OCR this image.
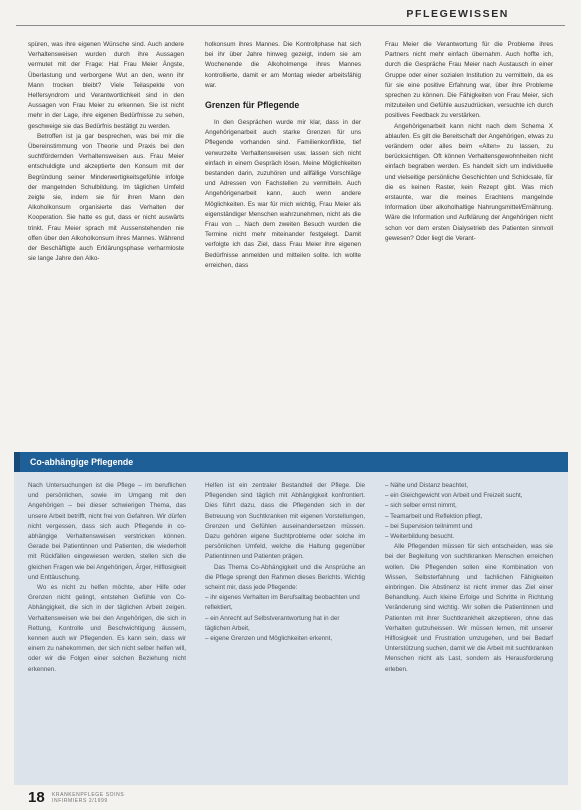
PFLEGEWISSEN

spüren, was ihre eigenen Wünsche sind. Auch andere Verhaltensweisen wurden durch ihre Aussagen vermutet mit der Frage: Hat Frau Meier Ängste, Überlastung und verborgene Wut an den, wenn ihr Mann trocken bleibt? Viele Teilaspekte von Helfersyndrom und Verantwortlichkeit sind in den Aussagen von Frau Meier zu erkennen. Sie ist nicht mehr in der Lage, ihre eigenen Bedürfnisse zu sehen, geschweige sie das Bedürfnis bestätigt zu werden.

Betroffen ist ja gar besprechen, was bei mir die Übereinstimmung von Theorie und Praxis bei den suchtfördernden Verhaltensweisen aus. Frau Meier entschuldigte und akzeptierte den Konsum mit der Begründung seiner Minderwertigkeitsgefühle infolge der mangelnden Schulbildung. Im täglichen Umfeld zeigte sie, indem sie für ihren Mann den Alkoholkonsum organisierte das Verhalten der Kooperation. Sie hatte es gut, dass er nicht auswärts trinkt. Frau Meier sprach mit Aussenstehenden nie offen über den Alkoholkonsum ihres Mannes. Während der Beschäftigte auch Erklärungsphase verharmloste sie lange Jahre den Alko-

holkonsum ihres Mannes. Die Kontrollphase hat sich bei ihr über Jahre hinweg gezeigt, indem sie am Wochenende die Alkoholmenge ihres Mannes kontrollierte, damit er am Montag wieder arbeitsfähig war.

Grenzen für Pflegende

In den Gesprächen wurde mir klar, dass in der Angehörigenarbeit auch starke Grenzen für uns Pflegende vorhanden sind. Familienkonflikte, tief verwurzelte Verhaltensweisen usw. lassen sich nicht einfach in einem Gespräch lösen. Meine Möglichkeiten bestanden darin, zuzuhören und allfällige Vorschläge und Adressen von Fachstellen zu vermitteln. Auch Angehörigenarbeit kann, auch wenn andere Möglichkeiten. Es war für mich wichtig, Frau Meier als eigenständiger Menschen wahrzunehmen, nicht als die Frau von ... Nach dem zweiten Besuch wurden die Termine nicht mehr miteinander festgelegt. Damit verfolgte ich das Ziel, dass Frau Meier ihre eigenen Bedürfnisse anmelden und mitteilen sollte. Ich wollte erreichen, dass

Frau Meier die Verantwortung für die Probleme ihres Partners nicht mehr einfach übernahm. Auch hoffte ich, durch die Gespräche Frau Meier nach Austausch in einer Gruppe oder einer sozialen Institution zu vermitteln, da es für sie eine positive Erfahrung war, über ihre Probleme sprechen zu können. Die Fähigkeiten von Frau Meier, sich mitzuteilen und Gefühle auszudrücken, versuchte ich durch positives Feedback zu verstärken.

Angehörigenarbeit kann nicht nach dem Schema X ablaufen. Es gilt die Bereitschaft der Angehörigen, etwas zu verändern oder alles beim «Alten» zu lassen, zu berücksichtigen. Oft können Verhaltensgewohnheiten nicht einfach begraben werden. Es handelt sich um individuelle und vielseitige persönliche Geschichten und Schicksale, für die es keinen Raster, kein Rezept gibt. Was mich erstaunte, war die meines Erachtens mangelnde Information über alkoholhaltige Nahrungsmittel/Ernährung. Wäre die Information und Aufklärung der Angehörigen nicht schon vor dem ersten Dialysetrieb des Patienten sinnvoll gewesen? Oder liegt die Verant-

Co-abhängige Pflegende

Nach Untersuchungen ist die Pflege – im beruflichen und persönlichen, sowie im Umgang mit den Angehörigen – bei dieser schwierigen Thema, das unsere Arbeit betrifft, nicht frei von Gefahren. Wir dürfen nicht vergessen, dass sich auch Pflegende in co-abhängige Verhaltensweisen verstricken können. Gerade bei Patientinnen und Patienten, die wiederholt mit Rückfällen eingewiesen werden, stellen sich die gleichen Fragen wie bei Angehörigen, Ärger, Hilflosigkeit und Enttäuschung.

Wo es nicht zu helfen möchte, aber Hilfe oder Grenzen nicht gelingt, entstehen Gefühle von Co-Abhängigkeit, die sich in der täglichen Arbeit zeigen. Verhaltensweisen wie bei den Angehörigen, die sich in Rettung, Kontrolle und Beschwichtigung äussern, kennen auch wir Pflegenden. Es kann sein, dass wir einem zu nahekommen, der sich nicht selber helfen will, oder wir die Folgen einer solchen Beziehung nicht erkennen.

Helfen ist ein zentraler Bestandteil der Pflege. Die Pflegenden sind täglich mit Abhängigkeit konfrontiert. Dies führt dazu, dass die Pflegenden sich in der Betreuung von Suchtkranken mit eigenen Vorstellungen, Grenzen und Gefühlen auseinandersetzen müssen. Dazu gehören eigene Suchtprobleme oder solche im persönlichen Umfeld, welche die Haltung gegenüber Patientinnen und Patienten prägen.

Das Thema Co-Abhängigkeit und die Ansprüche an die Pflege sprengt den Rahmen dieses Berichts. Wichtig scheint mir, dass jede Pflegende:

– ihr eigenes Verhalten im Berufsalltag beobachten und reflektiert,
– ein Anrecht auf Selbstverantwortung hat in der täglichen Arbeit,
– eigene Grenzen und Möglichkeiten erkennt,
– Nähe und Distanz beachtet,
– ein Gleichgewicht von Arbeit und Freizeit sucht,
– sich selber ernst nimmt,
– Teamarbeit und Reflektion pflegt,
– bei Supervision teilnimmt und
– Weiterbildung besucht.

Alle Pflegenden müssen für sich entscheiden, was sie bei der Begleitung von suchtkranken Menschen erreichen wollen. Die Pflegenden sollen eine Kombination von Wissen, Selbsterfahrung und fachlichen Fähigkeiten einbringen. Die Abstinenz ist nicht immer das Ziel einer Behandlung. Auch kleine Erfolge und Schritte in Richtung Veränderung sind wichtig. Wir sollen die Patientinnen und Patienten mit ihrer Suchtkrankheit akzeptieren, ohne das Verhalten gutzuheissen. Wir müssen lernen, mit unserer Hilflosigkeit und Frustration umzugehen, und bei Bedarf Unterstützung suchen, damit wir die Arbeit mit suchtkranken Menschen nicht als Last, sondern als Herausforderung erleben.

18 KRANKENPFLEGE SOINS
INFIRMIERS 2/1999
